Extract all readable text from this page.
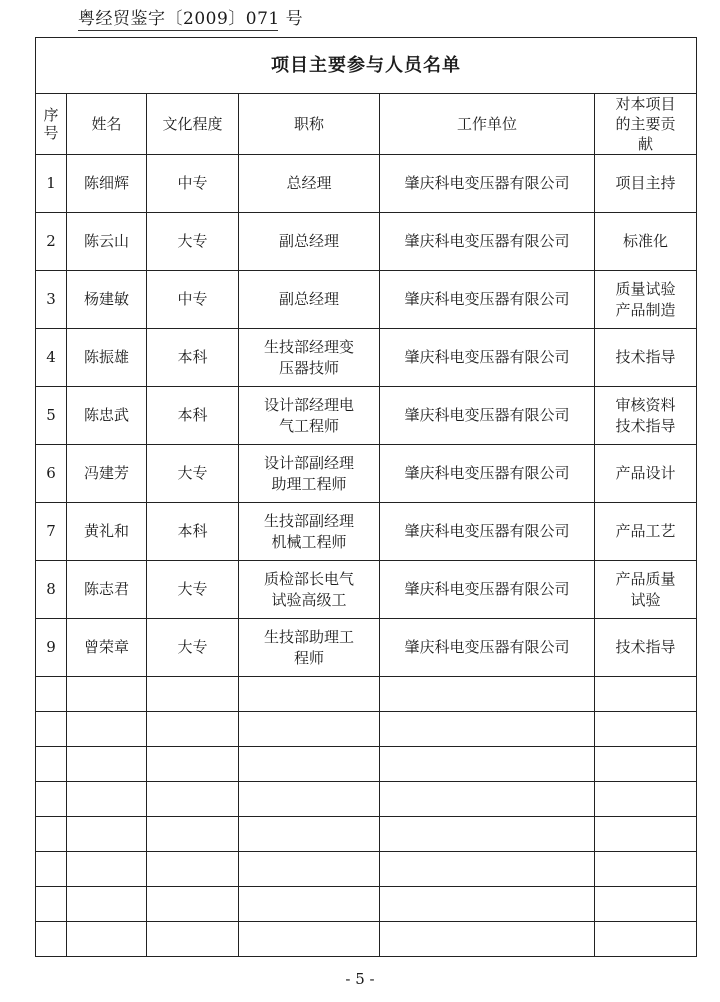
粤经贸鉴字〔2009〕071 号
项目主要参与人员名单					
序号	姓名	文化程度	职称	工作单位	对本项目的主要贡献
1	陈细辉	中专	总经理	肇庆科电变压器有限公司	项目主持
2	陈云山	大专	副总经理	肇庆科电变压器有限公司	标准化
3	杨建敏	中专	副总经理	肇庆科电变压器有限公司	质量试验产品制造
4	陈振雄	本科	生技部经理变压器技师	肇庆科电变压器有限公司	技术指导
5	陈忠武	本科	设计部经理电气工程师	肇庆科电变压器有限公司	审核资料技术指导
6	冯建芳	大专	设计部副经理助理工程师	肇庆科电变压器有限公司	产品设计
7	黄礼和	本科	生技部副经理机械工程师	肇庆科电变压器有限公司	产品工艺
8	陈志君	大专	质检部长电气试验高级工	肇庆科电变压器有限公司	产品质量试验
9	曾荣章	大专	生技部助理工程师	肇庆科电变压器有限公司	技术指导

- 5 -
